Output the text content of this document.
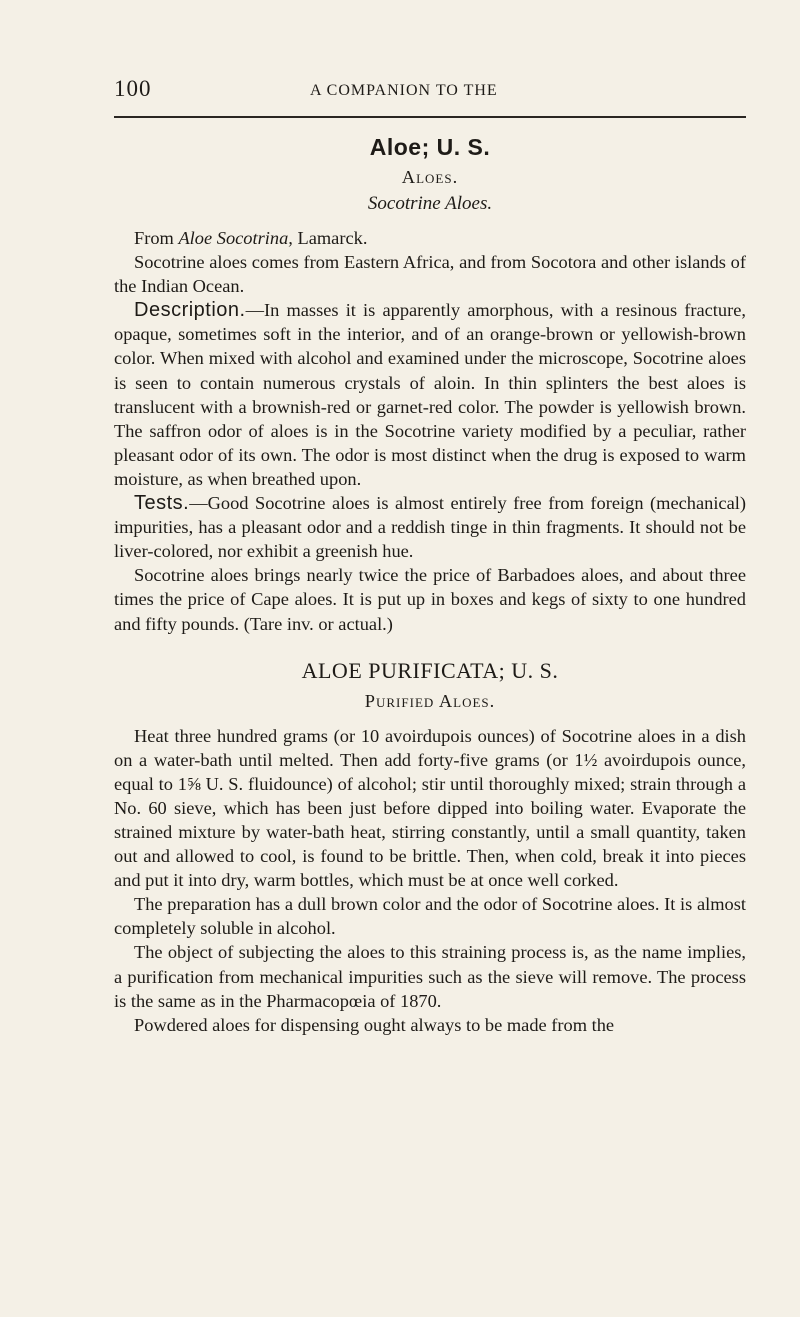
100	A COMPANION TO THE
Aloe; U. S.
Aloes.
Socotrine Aloes.

From Aloe Socotrina, Lamarck.

Socotrine aloes comes from Eastern Africa, and from Socotora and other islands of the Indian Ocean.

Description.—In masses it is apparently amorphous, with a resinous fracture, opaque, sometimes soft in the interior, and of an orange-brown or yellowish-brown color. When mixed with alcohol and examined under the microscope, Socotrine aloes is seen to contain numerous crystals of aloin. In thin splinters the best aloes is translucent with a brownish-red or garnet-red color. The powder is yellowish brown. The saffron odor of aloes is in the Socotrine variety modified by a peculiar, rather pleasant odor of its own. The odor is most distinct when the drug is exposed to warm moisture, as when breathed upon.

Tests.—Good Socotrine aloes is almost entirely free from foreign (mechanical) impurities, has a pleasant odor and a reddish tinge in thin fragments. It should not be liver-colored, nor exhibit a greenish hue.

Socotrine aloes brings nearly twice the price of Barbadoes aloes, and about three times the price of Cape aloes. It is put up in boxes and kegs of sixty to one hundred and fifty pounds. (Tare inv. or actual.)

ALOE PURIFICATA; U. S.
Purified Aloes.

Heat three hundred grams (or 10 avoirdupois ounces) of Socotrine aloes in a dish on a water-bath until melted. Then add forty-five grams (or 1½ avoirdupois ounce, equal to 1⅝ U. S. fluidounce) of alcohol; stir until thoroughly mixed; strain through a No. 60 sieve, which has been just before dipped into boiling water. Evaporate the strained mixture by water-bath heat, stirring constantly, until a small quantity, taken out and allowed to cool, is found to be brittle. Then, when cold, break it into pieces and put it into dry, warm bottles, which must be at once well corked.

The preparation has a dull brown color and the odor of Socotrine aloes. It is almost completely soluble in alcohol.

The object of subjecting the aloes to this straining process is, as the name implies, a purification from mechanical impurities such as the sieve will remove. The process is the same as in the Pharmacopœia of 1870.

Powdered aloes for dispensing ought always to be made from the
